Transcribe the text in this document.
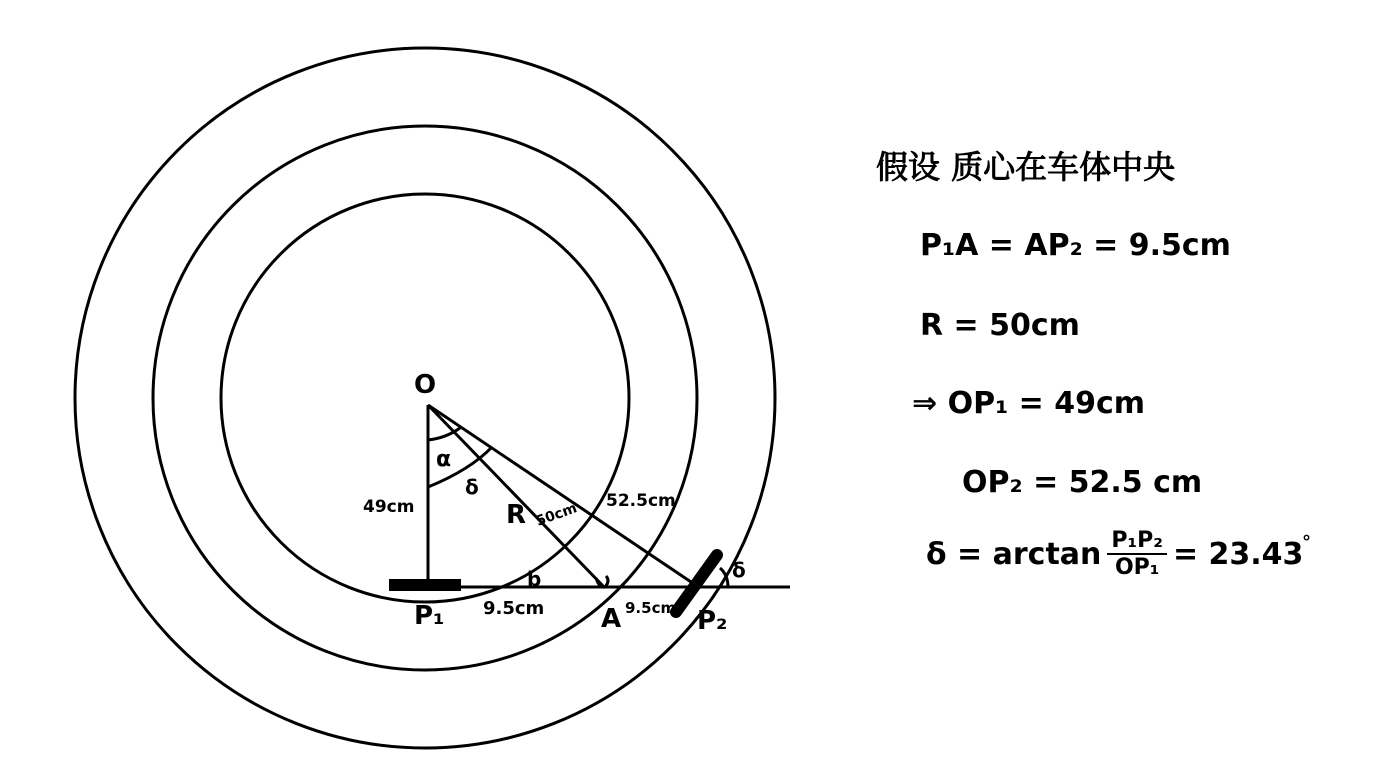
O
α
δ
R 50cm
49cm	52.5cm
b
P₁ 9.5cm A 9.5cm P₂
δ
假设 质心在车体中央
P₁A = AP₂ = 9.5cm
R = 50cm
⇒ OP₁ = 49cm
OP₂ = 52.5 cm
$\delta = \arctan \frac{\text{P₁P₂}}{\text{OP₁}} = 23.43$
°
